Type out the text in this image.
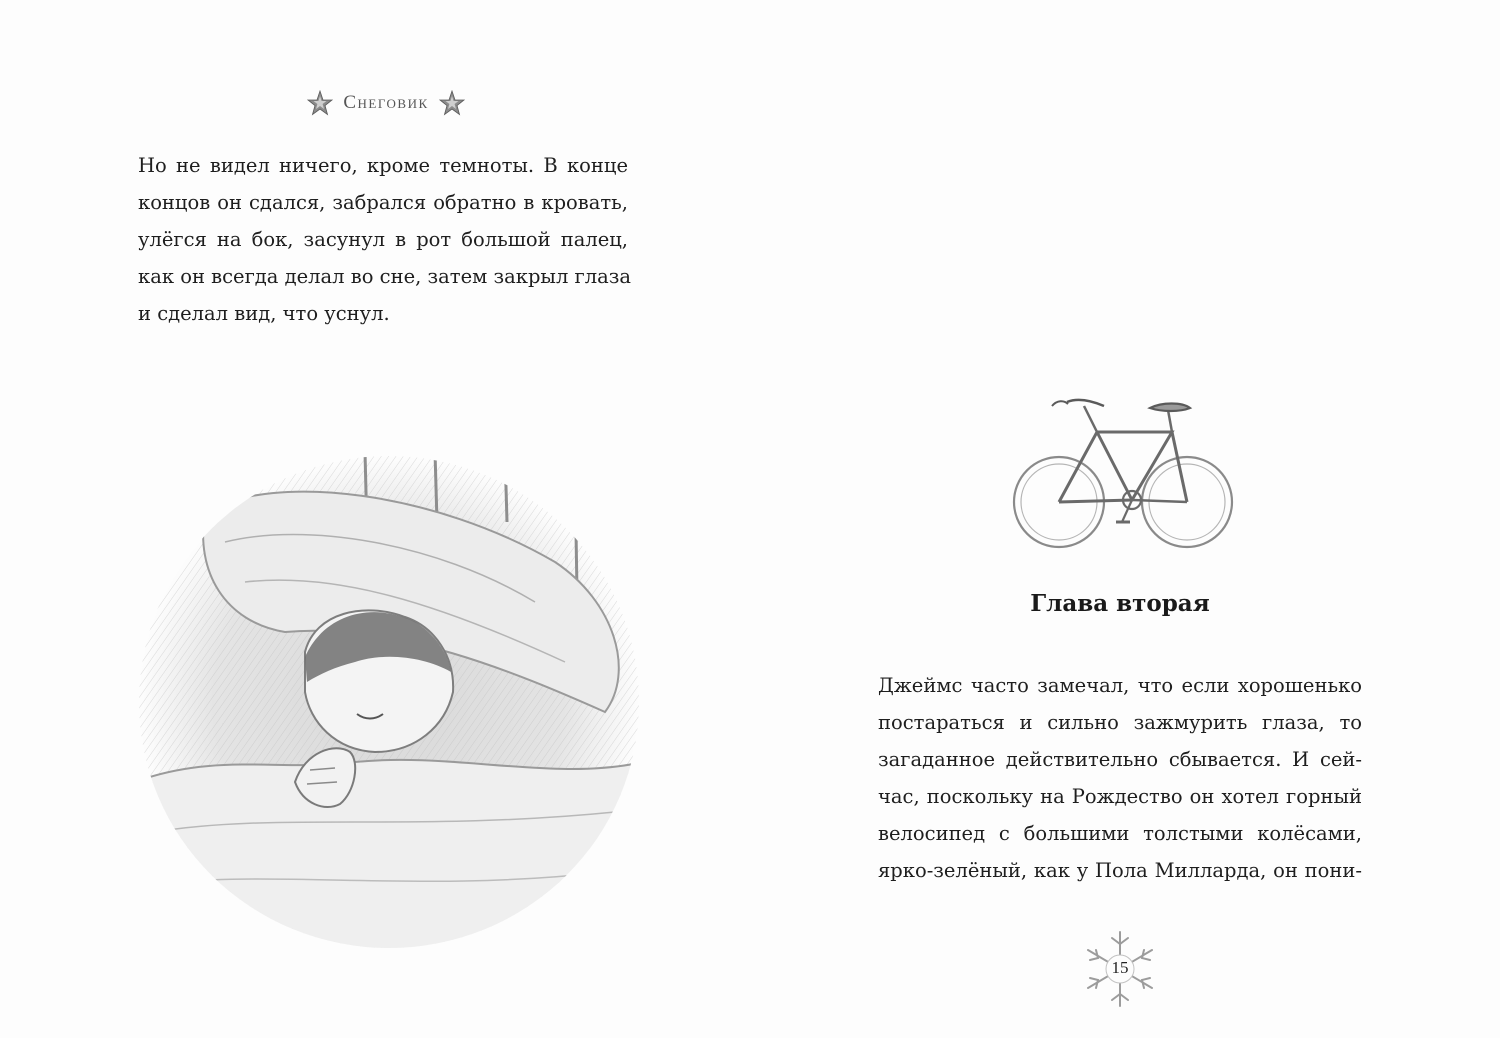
Снеговик
Но не видел ничего, кроме темноты. В конце
концов он сдался, забрался обратно в кровать,
улёгся на бок, засунул в рот большой палец,
как он всегда делал во сне, затем закрыл глаза
и сделал вид, что уснул.
Глава вторая
Джеймс часто замечал, что если хорошенько
постараться и сильно зажмурить глаза, то
загаданное действительно сбывается. И сей-
час, поскольку на Рождество он хотел горный
велосипед с большими толстыми колёсами,
ярко-зелёный, как у Пола Милларда, он пони-
15
